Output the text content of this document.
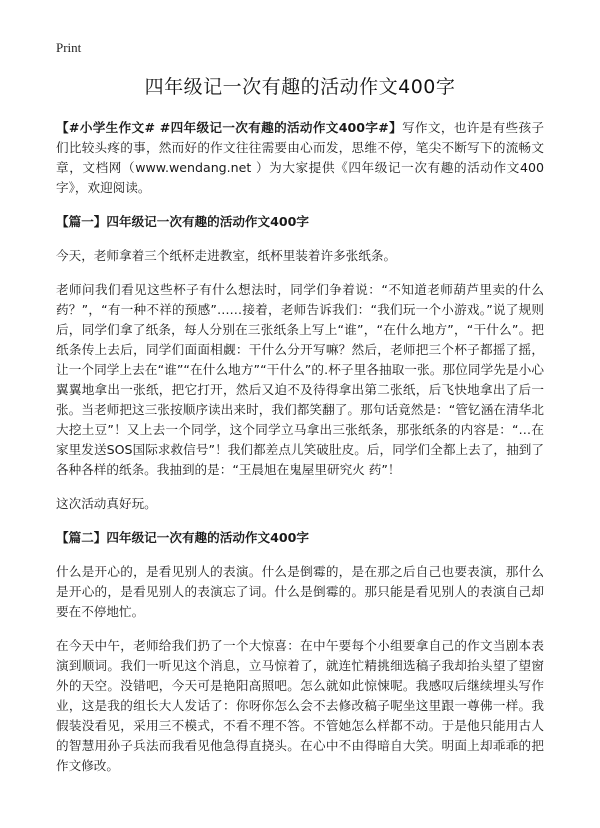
Print
四年级记一次有趣的活动作文400字

【#小学生作文# #四年级记一次有趣的活动作文400字#】写作文，也许是有些孩子们比较头疼的事，然而好的作文往往需要由心而发，思维不停，笔尖不断写下的流畅文章，文档网（www.wendang.net ）为大家提供《四年级记一次有趣的活动作文400字》，欢迎阅读。

【篇一】四年级记一次有趣的活动作文400字

今天，老师拿着三个纸杯走进教室，纸杯里装着许多张纸条。

老师问我们看见这些杯子有什么想法时，同学们争着说：“不知道老师葫芦里卖的什么药？”，“有一种不祥的预感”……接着，老师告诉我们：“我们玩一个小游戏。”说了规则后，同学们拿了纸条，每人分别在三张纸条上写上“谁”，“在什么地方”，“干什么”。把纸条传上去后，同学们面面相觑：干什么分开写嘛？然后，老师把三个杯子都摇了摇，让一个同学上去在“谁”“在什么地方”“干什么”的.杯子里各抽取一张。那位同学先是小心翼翼地拿出一张纸，把它打开，然后又迫不及待得拿出第二张纸，后飞快地拿出了后一张。当老师把这三张按顺序读出来时，我们都笑翻了。那句话竟然是：“管钇涵在清华北大挖土豆”！又上去一个同学，这个同学立马拿出三张纸条，那张纸条的内容是：“…在家里发送SOS国际求救信号”！我们都差点儿笑破肚皮。后，同学们全都上去了，抽到了各种各样的纸条。我抽到的是：“王晨旭在鬼屋里研究火 药”！

这次活动真好玩。

【篇二】四年级记一次有趣的活动作文400字

什么是开心的，是看见别人的表演。什么是倒霉的，是在那之后自己也要表演，那什么是开心的，是看见别人的表演忘了词。什么是倒霉的。那只能是看见别人的表演自己却要在不停地忙。

在今天中午，老师给我们扔了一个大惊喜：在中午要每个小组要拿自己的作文当剧本表演到顺词。我们一听见这个消息，立马惊着了，就连忙精挑细选稿子我却抬头望了望窗外的天空。没错吧，今天可是艳阳高照吧。怎么就如此惊悚呢。我感叹后继续埋头写作业，这是我的组长大人发话了：你呀你怎么会不去修改稿子呢坐这里跟一尊佛一样。我假装没看见，采用三不模式，不看不理不答。不管她怎么样都不动。于是他只能用古人的智慧用孙子兵法而我看见他急得直挠头。在心中不由得暗自大笑。明面上却乖乖的把作文修改。
